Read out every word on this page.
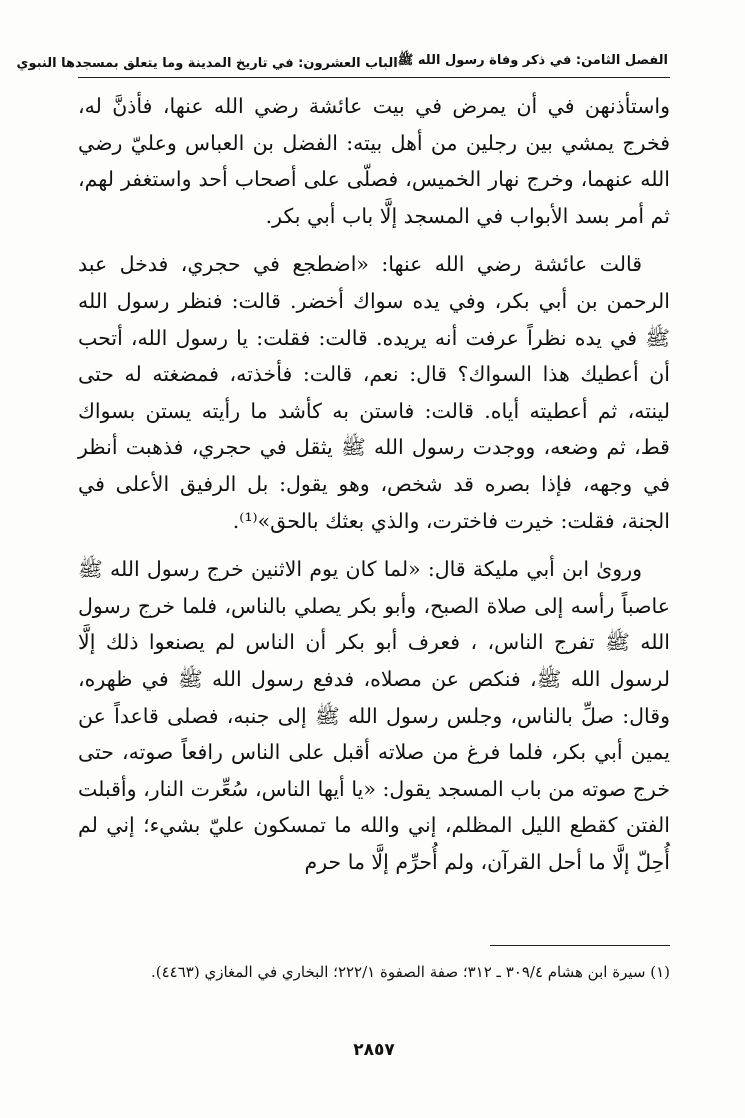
الفصل الثامن: في ذكر وفاة رسول الله ﷺ
الباب العشرون: في تاريخ المدينة وما يتعلق بمسجدها النبوي

واستأذنهن في أن يمرض في بيت عائشة رضي الله عنها، فأذنَّ له، فخرج يمشي بين رجلين من أهل بيته: الفضل بن العباس وعليّ رضي الله عنهما، وخرج نهار الخميس، فصلّى على أصحاب أحد واستغفر لهم، ثم أمر بسد الأبواب في المسجد إلَّا باب أبي بكر.

قالت عائشة رضي الله عنها: «اضطجع في حجري، فدخل عبد الرحمن بن أبي بكر، وفي يده سواك أخضر. قالت: فنظر رسول الله ﷺ في يده نظراً عرفت أنه يريده. قالت: فقلت: يا رسول الله، أتحب أن أعطيك هذا السواك؟ قال: نعم، قالت: فأخذته، فمضغته له حتى لينته، ثم أعطيته أياه. قالت: فاستن به كأشد ما رأيته يستن بسواك قط، ثم وضعه، ووجدت رسول الله ﷺ يثقل في حجري، فذهبت أنظر في وجهه، فإذا بصره قد شخص، وهو يقول: بل الرفيق الأعلى في الجنة، فقلت: خيرت فاخترت، والذي بعثك بالحق»⁽¹⁾.

ورویٰ ابن أبي مليكة قال: «لما كان يوم الاثنين خرج رسول الله ﷺ عاصباً رأسه إلى صلاة الصبح، وأبو بكر يصلي بالناس، فلما خرج رسول الله ﷺ تفرج الناس، ، فعرف أبو بكر أن الناس لم يصنعوا ذلك إلَّا لرسول الله ﷺ، فنكص عن مصلاه، فدفع رسول الله ﷺ في ظهره، وقال: صلِّ بالناس، وجلس رسول الله ﷺ إلى جنبه، فصلى قاعداً عن يمين أبي بكر، فلما فرغ من صلاته أقبل على الناس رافعاً صوته، حتى خرج صوته من باب المسجد يقول: «يا أيها الناس، سُعِّرت النار، وأقبلت الفتن كقطع الليل المظلم، إني والله ما تمسكون عليّ بشيء؛ إني لم أُحِلّ إلَّا ما أحل القرآن، ولم أُحرِّم إلَّا ما حرم

(١) سيرة ابن هشام ٣٠٩/٤ ـ ٣١٢؛ صفة الصفوة ٢٢٢/١؛ البخاري في المغازي (٤٤٦٣).

٢٨٥٧
